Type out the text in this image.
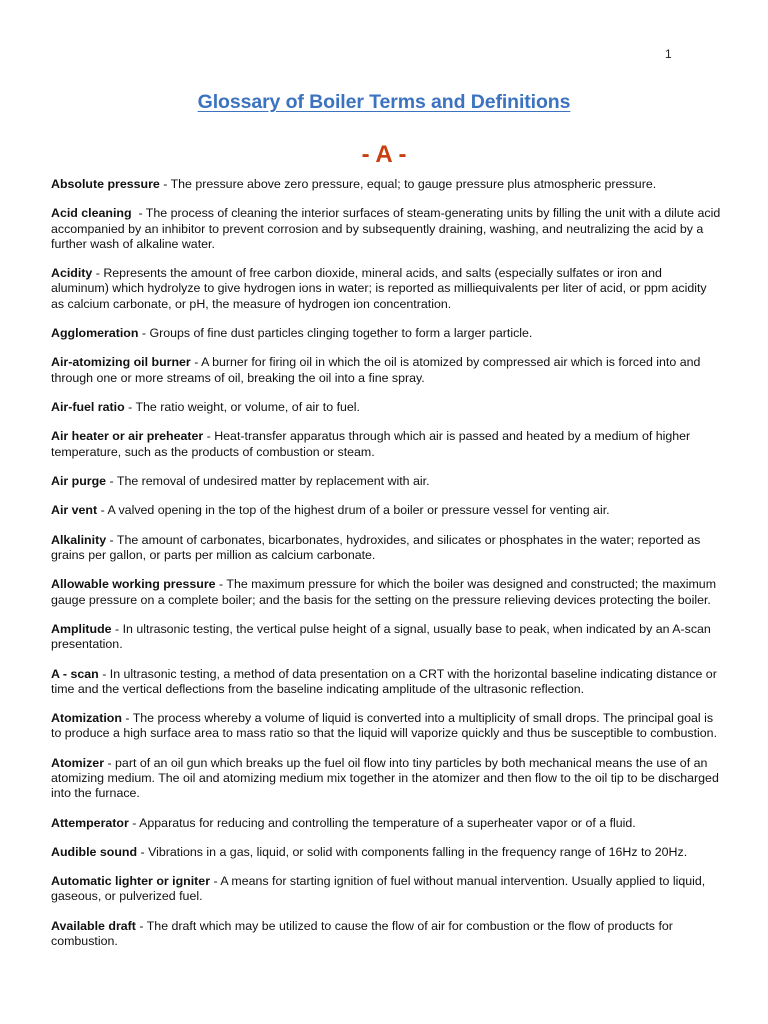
1
Glossary of Boiler Terms and Definitions
- A -

Absolute pressure - The pressure above zero pressure, equal; to gauge pressure plus atmospheric pressure.

Acid cleaning  - The process of cleaning the interior surfaces of steam-generating units by filling the unit with a dilute acid accompanied by an inhibitor to prevent corrosion and by subsequently draining, washing, and neutralizing the acid by a further wash of alkaline water.

Acidity - Represents the amount of free carbon dioxide, mineral acids, and salts (especially sulfates or iron and aluminum) which hydrolyze to give hydrogen ions in water; is reported as milliequivalents per liter of acid, or ppm acidity as calcium carbonate, or pH, the measure of hydrogen ion concentration.

Agglomeration - Groups of fine dust particles clinging together to form a larger particle.

Air-atomizing oil burner - A burner for firing oil in which the oil is atomized by compressed air which is forced into and through one or more streams of oil, breaking the oil into a fine spray.

Air-fuel ratio - The ratio weight, or volume, of air to fuel.

Air heater or air preheater - Heat-transfer apparatus through which air is passed and heated by a medium of higher temperature, such as the products of combustion or steam.

Air purge - The removal of undesired matter by replacement with air.

Air vent - A valved opening in the top of the highest drum of a boiler or pressure vessel for venting air.

Alkalinity - The amount of carbonates, bicarbonates, hydroxides, and silicates or phosphates in the water; reported as grains per gallon, or parts per million as calcium carbonate.

Allowable working pressure - The maximum pressure for which the boiler was designed and constructed; the maximum gauge pressure on a complete boiler; and the basis for the setting on the pressure relieving devices protecting the boiler.

Amplitude - In ultrasonic testing, the vertical pulse height of a signal, usually base to peak, when indicated by an A-scan presentation.

A - scan - In ultrasonic testing, a method of data presentation on a CRT with the horizontal baseline indicating distance or time and the vertical deflections from the baseline indicating amplitude of the ultrasonic reflection.

Atomization - The process whereby a volume of liquid is converted into a multiplicity of small drops. The principal goal is to produce a high surface area to mass ratio so that the liquid will vaporize quickly and thus be susceptible to combustion.

Atomizer - part of an oil gun which breaks up the fuel oil flow into tiny particles by both mechanical means the use of an atomizing medium. The oil and atomizing medium mix together in the atomizer and then flow to the oil tip to be discharged into the furnace.

Attemperator - Apparatus for reducing and controlling the temperature of a superheater vapor or of a fluid.

Audible sound - Vibrations in a gas, liquid, or solid with components falling in the frequency range of 16Hz to 20Hz.

Automatic lighter or igniter - A means for starting ignition of fuel without manual intervention. Usually applied to liquid, gaseous, or pulverized fuel.

Available draft - The draft which may be utilized to cause the flow of air for combustion or the flow of products for combustion.
